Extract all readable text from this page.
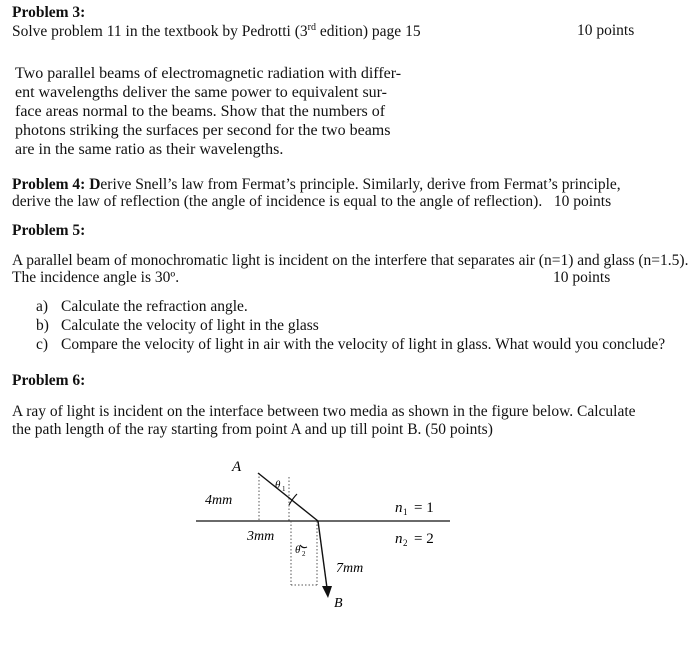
Problem 3:
Solve problem 11 in the textbook by Pedrotti (3rd edition) page 15	10 points
Two parallel beams of electromagnetic radiation with differ-
ent wavelengths deliver the same power to equivalent sur-
face areas normal to the beams. Show that the numbers of
photons striking the surfaces per second for the two beams
are in the same ratio as their wavelengths.
Problem 4: Derive Snell’s law from Fermat’s principle. Similarly, derive from Fermat’s principle,
derive the law of reflection (the angle of incidence is equal to the angle of reflection). 10 points
Problem 5:
A parallel beam of monochromatic light is incident on the interfere that separates air (n=1) and glass (n=1.5).
The incidence angle is 30º.	10 points
a) Calculate the refraction angle.
b) Calculate the velocity of light in the glass
c) Compare the velocity of light in air with the velocity of light in glass. What would you conclude?
Problem 6:
A ray of light is incident on the interface between two media as shown in the figure below. Calculate
the path length of the ray starting from point A and up till point B. (50 points)
A
B
4mm
3mm
7mm
θ 1
θ 2
n 1 = 1
n 2 = 2
